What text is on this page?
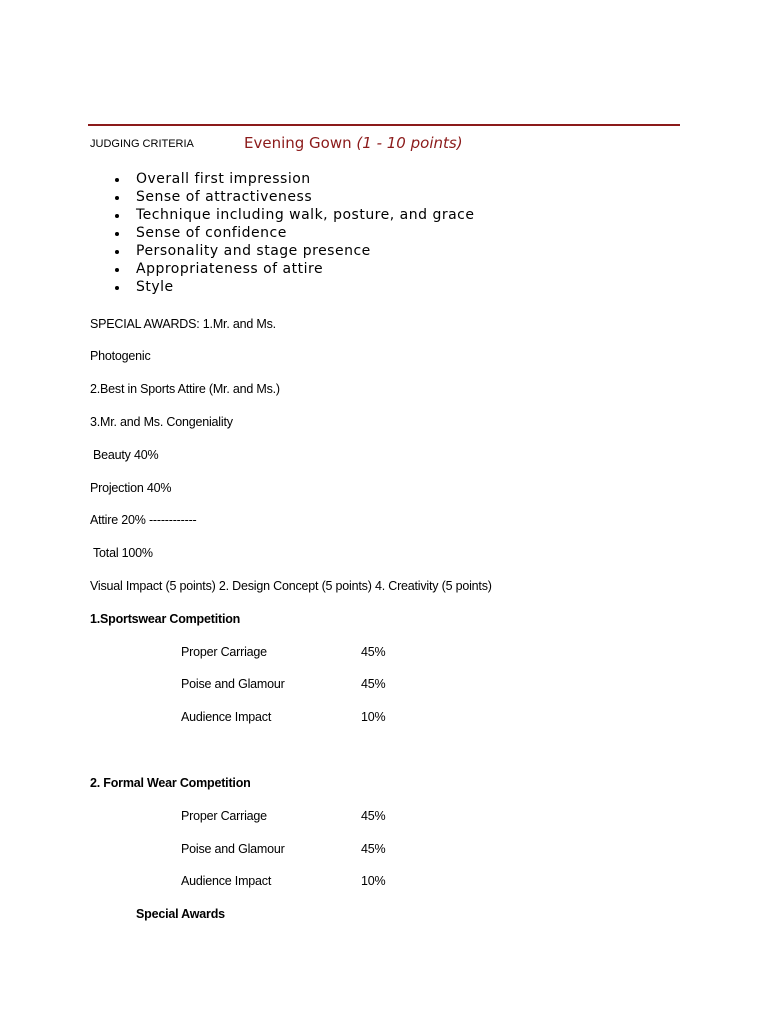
JUDGING CRITERIA	Evening Gown (1 - 10 points)
Overall first impression
Sense of attractiveness
Technique including walk, posture, and grace
Sense of confidence
Personality and stage presence
Appropriateness of attire
Style
SPECIAL AWARDS: 1.Mr. and Ms.
Photogenic
2.Best in Sports Attire (Mr. and Ms.)
3.Mr. and Ms. Congeniality
Beauty 40%
Projection 40%
Attire 20% ------------
Total 100%
Visual Impact (5 points) 2. Design Concept (5 points) 4. Creativity (5 points)
1.Sportswear Competition
Proper Carriage	45%
Poise and Glamour	45%
Audience Impact	10%
2. Formal Wear Competition
Proper Carriage	45%
Poise and Glamour	45%
Audience Impact	10%
Special Awards
